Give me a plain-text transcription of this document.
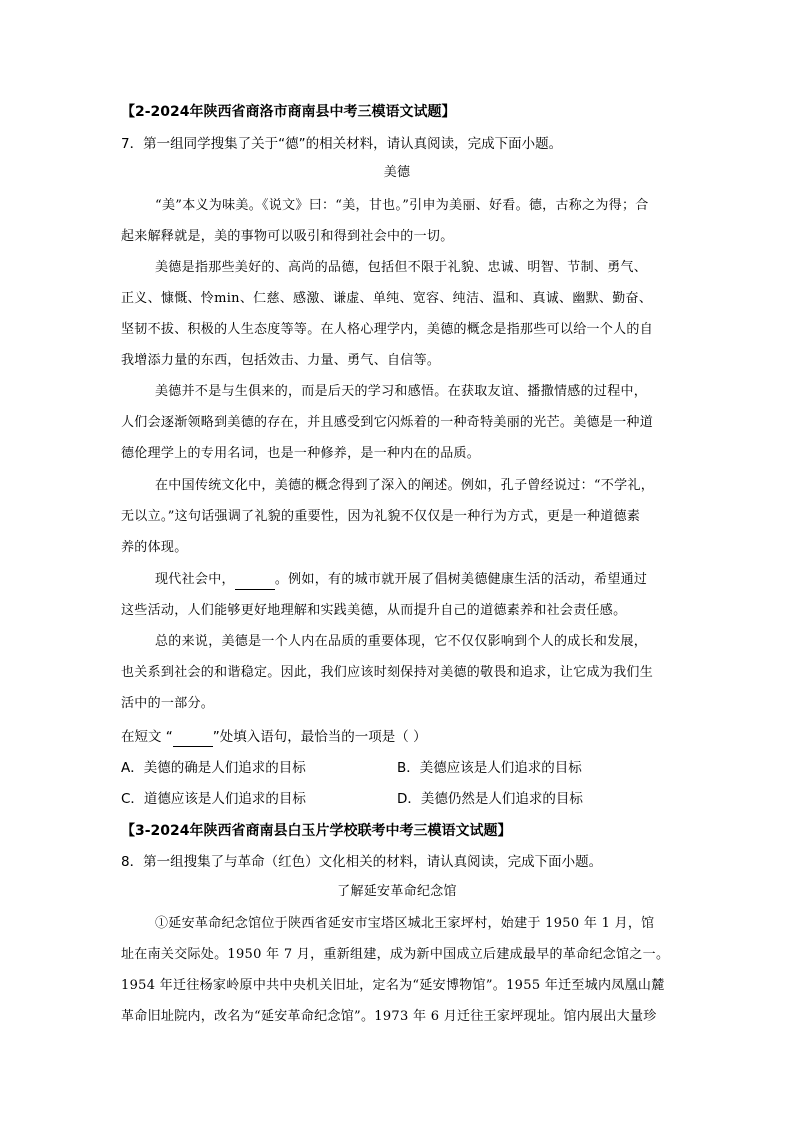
【2-2024年陕西省商洛市商南县中考三模语文试题】
7．第一组同学搜集了关于“德”的相关材料，请认真阅读，完成下面小题。
美德
“美”本义为味美。《说文》曰：“美，甘也。”引申为美丽、好看。德，古称之为得；合
起来解释就是，美的事物可以吸引和得到社会中的一切。
美德是指那些美好的、高尚的品德，包括但不限于礼貌、忠诚、明智、节制、勇气、
正义、慷慨、怜min、仁慈、感激、谦虚、单纯、宽容、纯洁、温和、真诚、幽默、勤奋、
坚韧不拔、积极的人生态度等等。在人格心理学内，美德的概念是指那些可以给一个人的自
我增添力量的东西，包括效击、力量、勇气、自信等。
美德并不是与生俱来的，而是后天的学习和感悟。在获取友谊、播撒情感的过程中，
人们会逐渐领略到美德的存在，并且感受到它闪烁着的一种奇特美丽的光芒。美德是一种道
德伦理学上的专用名词，也是一种修养，是一种内在的品质。
在中国传统文化中，美德的概念得到了深入的阐述。例如，孔子曾经说过：“不学礼，
无以立。”这句话强调了礼貌的重要性，因为礼貌不仅仅是一种行为方式，更是一种道德素
养的体现。
现代社会中，	。例如，有的城市就开展了倡树美德健康生活的活动，希望通过
这些活动，人们能够更好地理解和实践美德，从而提升自己的道德素养和社会责任感。
总的来说，美德是一个人内在品质的重要体现，它不仅仅影响到个人的成长和发展，
也关系到社会的和谐稳定。因此，我们应该时刻保持对美德的敬畏和追求，让它成为我们生
活中的一部分。
在短文 “	”处填入语句，最恰当的一项是（ ）
A．美德的确是人们追求的目标	B．美德应该是人们追求的目标
C．道德应该是人们追求的目标	D．美德仍然是人们追求的目标
【3-2024年陕西省商南县白玉片学校联考中考三模语文试题】
8．第一组搜集了与革命（红色）文化相关的材料，请认真阅读，完成下面小题。
了解延安革命纪念馆
①延安革命纪念馆位于陕西省延安市宝塔区城北王家坪村，始建于 1950 年 1 月，馆
址在南关交际处。1950 年 7 月，重新组建，成为新中国成立后建成最早的革命纪念馆之一。
1954 年迁往杨家岭原中共中央机关旧址，定名为“延安博物馆”。1955 年迁至城内凤凰山麓
革命旧址院内，改名为“延安革命纪念馆”。1973 年 6 月迁往王家坪现址。馆内展出大量珍
